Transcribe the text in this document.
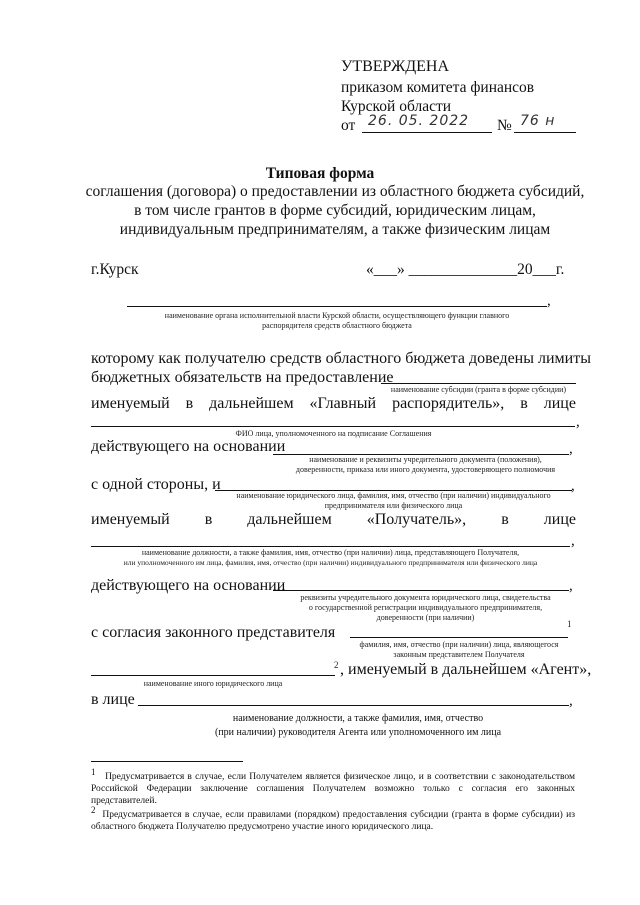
УТВЕРЖДЕНА
приказом комитета финансов
Курской области
от 26. 05. 2022 № 76 н
Типовая форма
соглашения (договора) о предоставлении из областного бюджета субсидий,
в том числе грантов в форме субсидий, юридическим лицам,
индивидуальным предпринимателям, а также физическим лицам
г.Курск	«___» ______________20___г.
,
наименование органа исполнительной власти Курской области, осуществляющего функции главного
распорядителя средств областного бюджета
которому как получателю средств областного бюджета доведены лимиты
бюджетных обязательств на предоставление
наименование субсидии (гранта в форме субсидии)
именуемый в дальнейшем «Главный распорядитель», в лице
,
ФИО лица, уполномоченного на подписание Соглашения
действующего на основании	,
наименование и реквизиты учредительного документа (положения),
доверенности, приказа или иного документа, удостоверяющего полномочия
с одной стороны, и	,
наименование юридического лица, фамилия, имя, отчество (при наличии) индивидуального
предпринимателя или физического лица
именуемый в дальнейшем «Получатель», в лице
,
наименование должности, а также фамилия, имя, отчество (при наличии) лица, представляющего Получателя,
или уполномоченного им лица, фамилия, имя, отчество (при наличии) индивидуального предпринимателя или физического лица
действующего на основании	,
реквизиты учредительного документа юридического лица, свидетельства
о государственной регистрации индивидуального предпринимателя,
доверенности (при наличии)
с согласия законного представителя	1
фамилия, имя, отчество (при наличии) лица, являющегося
законным представителем Получателя
2 , именуемый в дальнейшем «Агент»,
наименование иного юридического лица
в лице	,
наименование должности, а также фамилия, имя, отчество
(при наличии) руководителя Агента или уполномоченного им лица
1   Предусматривается в случае, если Получателем является физическое лицо, и в соответствии с законодательством Российской Федерации заключение соглашения Получателем возможно только с согласия его законных представителей.
2  Предусматривается в случае, если правилами (порядком) предоставления субсидии (гранта в форме субсидии) из областного бюджета Получателю предусмотрено участие иного юридического лица.
